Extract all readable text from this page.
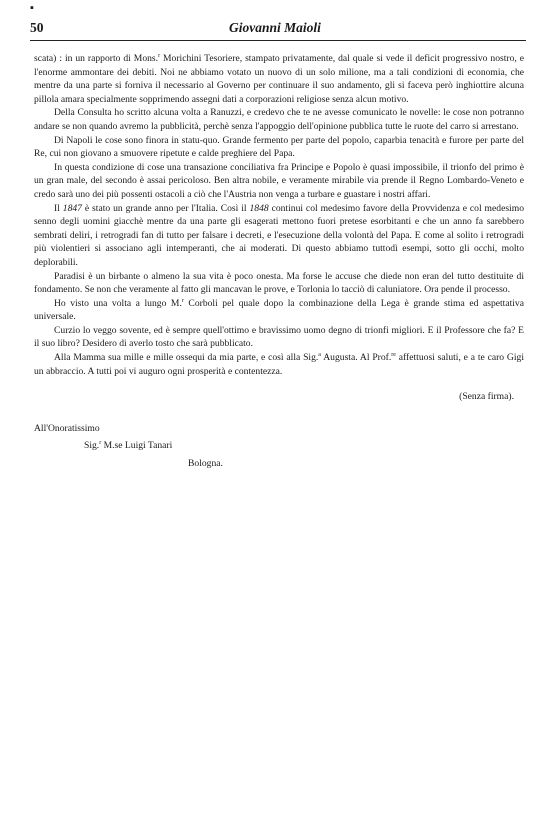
▪
50	Giovanni Maioli

scata) : in un rapporto di Mons.$^r$ Morichini Tesoriere, stampato privatamente, dal quale si vede il deficit progressivo nostro, e l'enorme ammontare dei debiti. Noi ne abbiamo votato un nuovo di un solo milione, ma a tali condizioni di economia, che mentre da una parte si forniva il necessario al Governo per continuare il suo andamento, gli si faceva però inghiottire alcuna pillola amara specialmente sopprimendo assegni dati a corporazioni religiose senza alcun motivo.

Della Consulta ho scritto alcuna volta a Ranuzzi, e credevo che te ne avesse comunicato le novelle: le cose non potranno andare se non quando avremo la pubblicità, perchè senza l'appoggio dell'opinione pubblica tutte le ruote del carro si arrestano.

Di Napoli le cose sono finora in statu-quo. Grande fermento per parte del popolo, caparbia tenacità e furore per parte del Re, cui non giovano a smuovere ripetute e calde preghiere del Papa.

In questa condizione di cose una transazione conciliativa fra Principe e Popolo è quasi impossibile, il trionfo del primo è un gran male, del secondo è assai pericoloso. Ben altra nobile, e veramente mirabile via prende il Regno Lombardo-Veneto e credo sarà uno dei più possenti ostacoli a ciò che l'Austria non venga a turbare e guastare i nostri affari.

Il 1847 è stato un grande anno per l'Italia. Così il 1848 continui col medesimo favore della Provvidenza e col medesimo senno degli uomini giacchè mentre da una parte gli esagerati mettono fuori pretese esorbitanti e che un anno fa sarebbero sembrati deliri, i retrogradi fan di tutto per falsare i decreti, e l'esecuzione della volontà del Papa. E come al solito i retrogradi più violentieri si associano agli intemperanti, che ai moderati. Di questo abbiamo tuttodì esempi, sotto gli occhi, molto deplorabili.

Paradisi è un birbante o almeno la sua vita è poco onesta. Ma forse le accuse che diede non eran del tutto destituite di fondamento. Se non che veramente al fatto gli mancavan le prove, e Torlonia lo tacciò di caluniatore. Ora pende il processo.

Ho visto una volta a lungo M.$^r$ Corboli pel quale dopo la combinazione della Lega è grande stima ed aspettativa universale.

Curzio lo veggo sovente, ed è sempre quell'ottimo e bravissimo uomo degno di trionfi migliori. E il Professore che fa? E il suo libro? Desidero di averlo tosto che sarà pubblicato.

Alla Mamma sua mille e mille ossequi da mia parte, e così alla Sig.$^a$ Augusta. Al Prof.$^{re}$ affettuosi saluti, e a te caro Gigi un abbraccio. A tutti poi vi auguro ogni prosperità e contentezza.

(Senza firma).

All'Onoratissimo

Sig.$^r$ M.se Luigi Tanari

Bologna.
